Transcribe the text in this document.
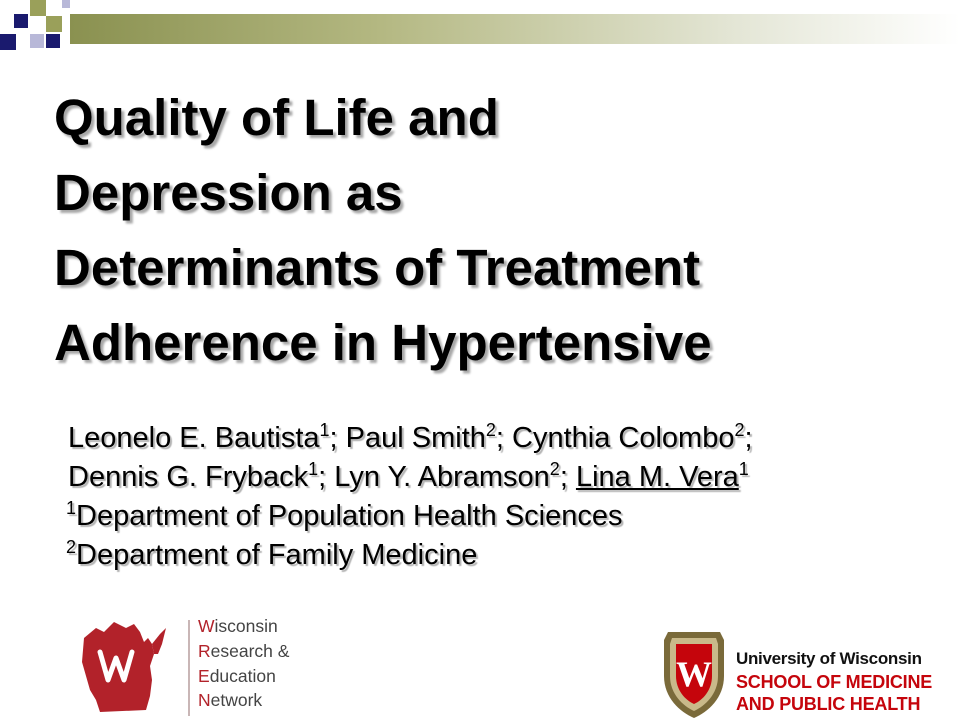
Quality of Life and
Depression as
Determinants of Treatment
Adherence in Hypertensive
Leonelo E. Bautista$^1$; Paul Smith$^2$; Cynthia Colombo$^2$;
Dennis G. Fryback$^1$; Lyn Y. Abramson$^2$; Lina M. Vera$^1$
$^1$Department of Population Health Sciences
$^2$Department of Family Medicine
Wisconsin
Research &
Education
Network
W University of Wisconsin
SCHOOL OF MEDICINE
AND PUBLIC HEALTH
